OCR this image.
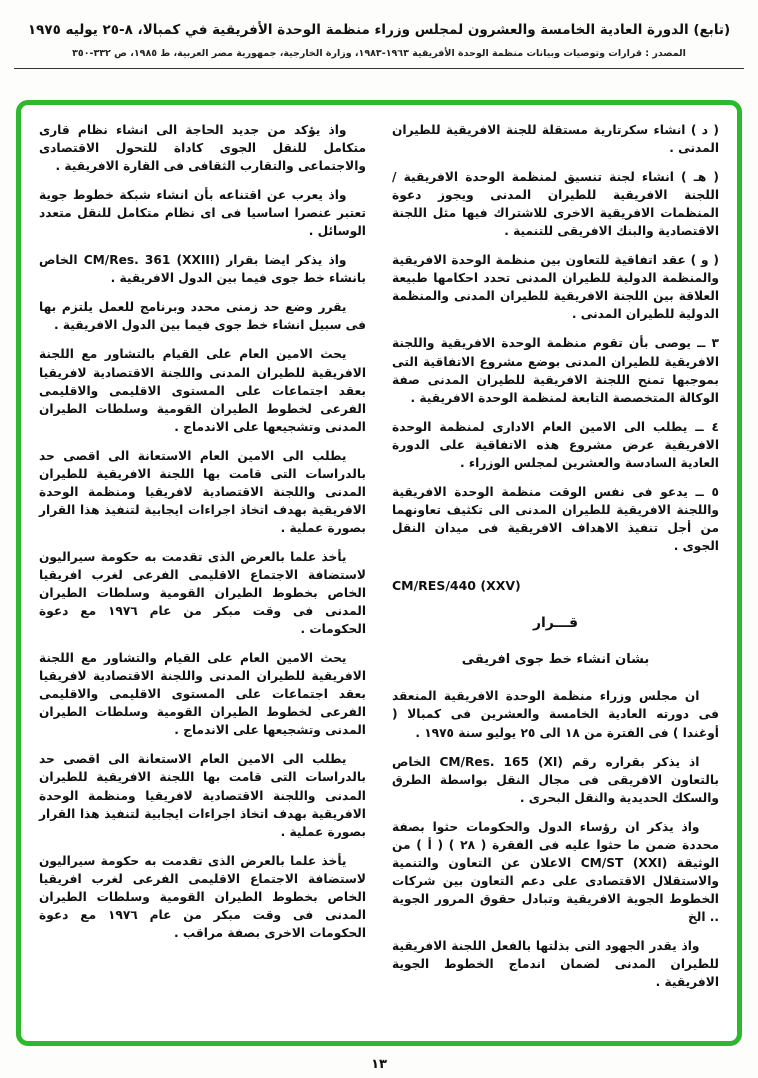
(تابع) الدورة العادية الخامسة والعشرون لمجلس وزراء منظمة الوحدة الأفريقية في كمبالا، ٨-٢٥ يوليه ١٩٧٥
المصدر : قرارات وتوصيات وبيانات منظمة الوحدة الأفريقية ١٩٦٣-١٩٨٣، وزارة الخارجية، جمهورية مصر العربية، ط ١٩٨٥، ص ٣٣٢-٣٥٠

( د ) انشاء سكرتارية مستقلة للجنة الافريقية للطيران المدنى .

( هـ ) انشاء لجنة تنسيق لمنظمة الوحدة الافريقية / اللجنة الافريقية للطيران المدنى ويجوز دعوة المنظمات الافريقية الاخرى للاشتراك فيها مثل اللجنة الاقتصادية والبنك الافريقى للتنمية .

( و ) عقد اتفاقية للتعاون بين منظمة الوحدة الافريقية والمنظمة الدولية للطيران المدنى تحدد احكامها طبيعة العلاقة بين اللجنة الافريقية للطيران المدنى والمنظمة الدولية للطيران المدنى .

٣ ــ يوصى بأن تقوم منظمة الوحدة الافريقية واللجنة الافريقية للطيران المدنى بوضع مشروع الاتفاقية التى بموجبها تمنح اللجنة الافريقية للطيران المدنى صفة الوكالة المتخصصة التابعة لمنظمة الوحدة الافريقية .

٤ ــ يطلب الى الامين العام الادارى لمنظمة الوحدة الافريقية عرض مشروع هذه الاتفاقية على الدورة العادية السادسة والعشرين لمجلس الوزراء .

٥ ــ يدعو فى نفس الوقت منظمة الوحدة الافريقية واللجنة الافريقية للطيران المدنى الى تكثيف تعاونهما من أجل تنفيذ الاهداف الافريقية فى ميدان النقل الجوى .

CM/RES/440 (XXV)

قـــرار

بشان انشاء خط جوى افريقى

ان مجلس وزراء منظمة الوحدة الافريقية المنعقد فى دورته العادية الخامسة والعشرين فى كمبالا ( أوغندا ) فى الفترة من ١٨ الى ٢٥ يوليو سنة ١٩٧٥ .

اذ يذكر بقراره رقم CM/Res. 165 (XI) الخاص بالتعاون الافريقى فى مجال النقل بواسطة الطرق والسكك الحديدية والنقل البحرى .

واذ يذكر ان رؤساء الدول والحكومات حثوا بصفة محددة ضمن ما حثوا عليه فى الفقرة ( ٢٨ ) ( أ ) من الوثيقة CM/ST (XXI) الاعلان عن التعاون والتنمية والاستقلال الاقتصادى على دعم التعاون بين شركات الخطوط الجوية الافريقية وتبادل حقوق المرور الجوية .. الخ

واذ يقدر الجهود التى بذلتها بالفعل اللجنة الافريقية للطيران المدنى لضمان اندماج الخطوط الجوية الافريقية .

واذ يؤكد من جديد الحاجة الى انشاء نظام قارى متكامل للنقل الجوى كاداة للتحول الاقتصادى والاجتماعى والتقارب الثقافى فى القارة الافريقية .

واذ يعرب عن اقتناعه بأن انشاء شبكة خطوط جوية تعتبر عنصرا اساسيا فى اى نظام متكامل للنقل متعدد الوسائل .

واذ يذكر ايضا بقرار CM/Res. 361 (XXIII) الخاص بانشاء خط جوى فيما بين الدول الافريقية .

يقرر وضع حد زمنى محدد وبرنامج للعمل يلتزم بها فى سبيل انشاء خط جوى فيما بين الدول الافريقية .

يحث الامين العام على القيام بالتشاور مع اللجنة الافريقية للطيران المدنى واللجنة الاقتصادية لافريقيا بعقد اجتماعات على المستوى الاقليمى والاقليمى الفرعى لخطوط الطيران القومية وسلطات الطيران المدنى وتشجيعها على الاندماج .

يطلب الى الامين العام الاستعانة الى اقصى حد بالدراسات التى قامت بها اللجنة الافريقية للطيران المدنى واللجنة الاقتصادية لافريقيا ومنظمة الوحدة الافريقية بهدف اتخاذ اجراءات ايجابية لتنفيذ هذا القرار بصورة عملية .

يأخذ علما بالعرض الذى تقدمت به حكومة سيراليون لاستضافة الاجتماع الاقليمى الفرعى لغرب افريقيا الخاص بخطوط الطيران القومية وسلطات الطيران المدنى فى وقت مبكر من عام ١٩٧٦ مع دعوة الحكومات .

يحث الامين العام على القيام والتشاور مع اللجنة الافريقية للطيران المدنى واللجنة الاقتصادية لافريقيا بعقد اجتماعات على المستوى الاقليمى والاقليمى الفرعى لخطوط الطيران القومية وسلطات الطيران المدنى وتشجيعها على الاندماج .

يطلب الى الامين العام الاستعانة الى اقصى حد بالدراسات التى قامت بها اللجنة الافريقية للطيران المدنى واللجنة الاقتصادية لافريقيا ومنظمة الوحدة الافريقية بهدف اتخاذ اجراءات ايجابية لتنفيذ هذا القرار بصورة عملية .

يأخذ علما بالعرض الذى تقدمت به حكومة سيراليون لاستضافة الاجتماع الاقليمى الفرعى لغرب افريقيا الخاص بخطوط الطيران القومية وسلطات الطيران المدنى فى وقت مبكر من عام ١٩٧٦ مع دعوة الحكومات الاخرى بصفة مراقب .

١٣
